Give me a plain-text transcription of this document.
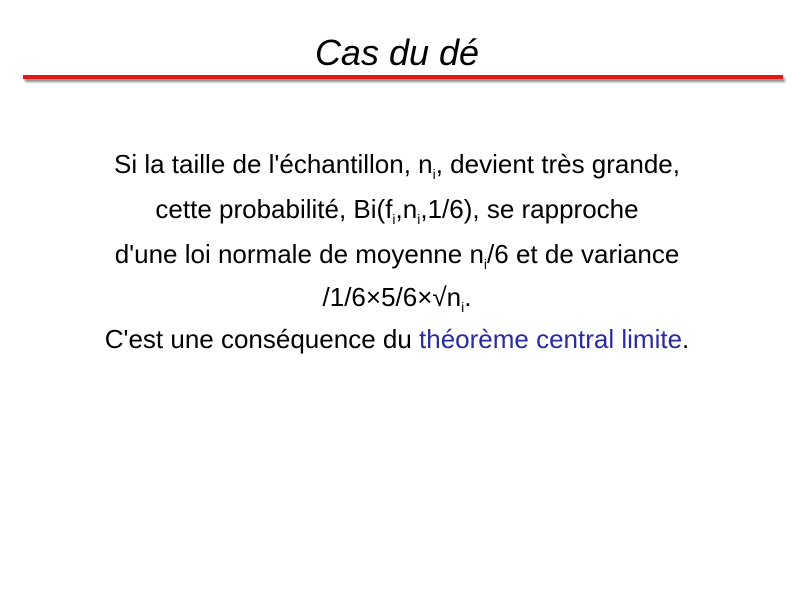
Cas du dé
Si la taille de l'échantillon, $n_i$, devient très grande,
cette probabilité, $Bi(f_i,n_i,1/6)$, se rapproche
d'une loi normale de moyenne $n_i/6$ et de variance
$/1/6\times 5/6\times√n_i$.
C'est une conséquence du théorème central limite.
